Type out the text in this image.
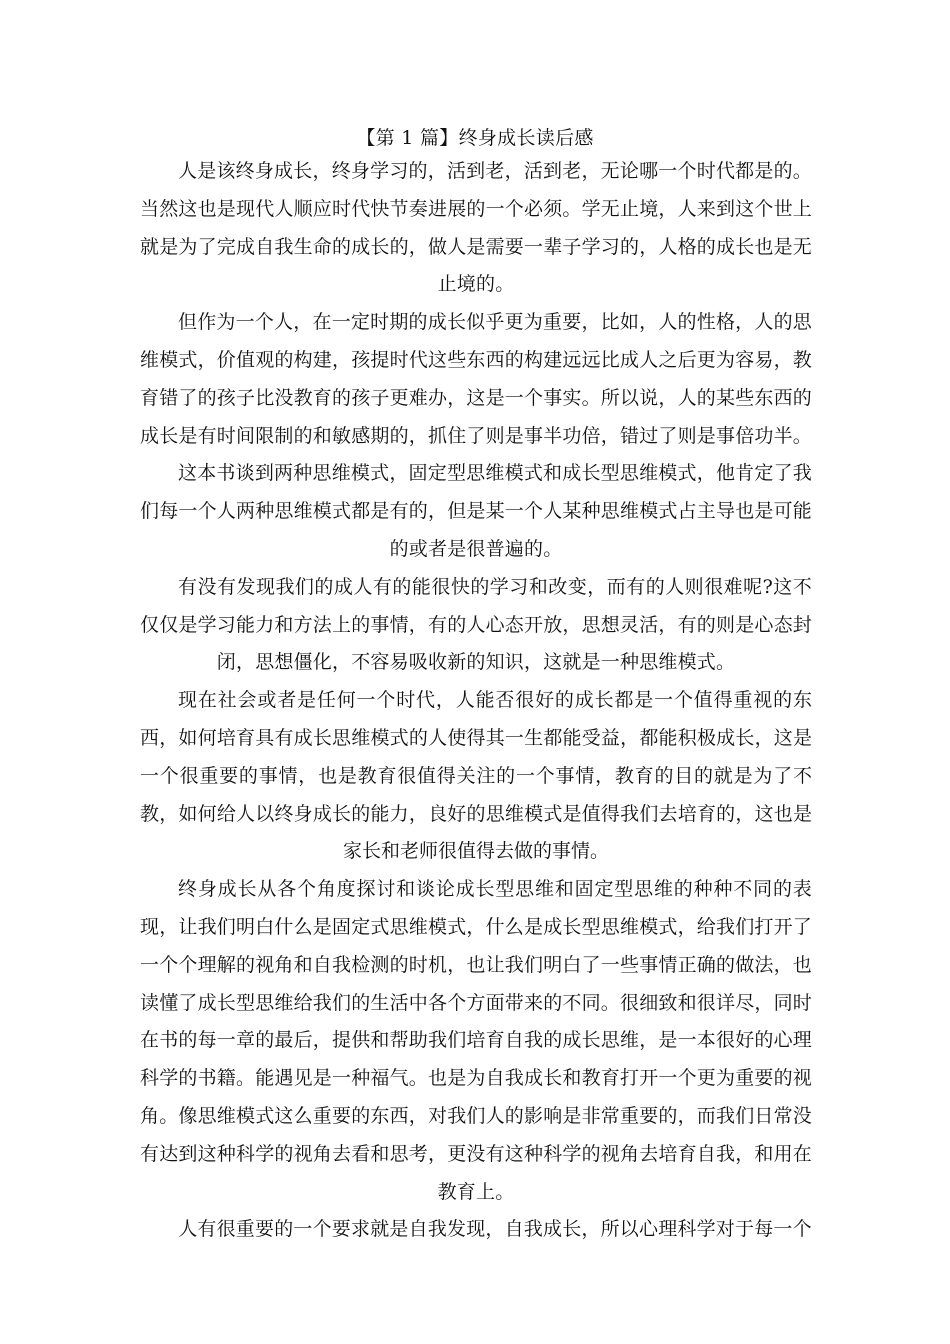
【第 1 篇】终身成长读后感

人是该终身成长，终身学习的，活到老，活到老，无论哪一个时代都是的。当然这也是现代人顺应时代快节奏进展的一个必须。学无止境，人来到这个世上就是为了完成自我生命的成长的，做人是需要一辈子学习的，人格的成长也是无止境的。

但作为一个人，在一定时期的成长似乎更为重要，比如，人的性格，人的思维模式，价值观的构建，孩提时代这些东西的构建远远比成人之后更为容易，教育错了的孩子比没教育的孩子更难办，这是一个事实。所以说，人的某些东西的成长是有时间限制的和敏感期的，抓住了则是事半功倍，错过了则是事倍功半。

这本书谈到两种思维模式，固定型思维模式和成长型思维模式，他肯定了我们每一个人两种思维模式都是有的，但是某一个人某种思维模式占主导也是可能的或者是很普遍的。

有没有发现我们的成人有的能很快的学习和改变，而有的人则很难呢?这不仅仅是学习能力和方法上的事情，有的人心态开放，思想灵活，有的则是心态封闭，思想僵化，不容易吸收新的知识，这就是一种思维模式。

现在社会或者是任何一个时代，人能否很好的成长都是一个值得重视的东西，如何培育具有成长思维模式的人使得其一生都能受益，都能积极成长，这是一个很重要的事情，也是教育很值得关注的一个事情，教育的目的就是为了不教，如何给人以终身成长的能力，良好的思维模式是值得我们去培育的，这也是家长和老师很值得去做的事情。

终身成长从各个角度探讨和谈论成长型思维和固定型思维的种种不同的表现，让我们明白什么是固定式思维模式，什么是成长型思维模式，给我们打开了一个个理解的视角和自我检测的时机，也让我们明白了一些事情正确的做法，也读懂了成长型思维给我们的生活中各个方面带来的不同。很细致和很详尽，同时在书的每一章的最后，提供和帮助我们培育自我的成长思维，是一本很好的心理科学的书籍。能遇见是一种福气。也是为自我成长和教育打开一个更为重要的视角。像思维模式这么重要的东西，对我们人的影响是非常重要的，而我们日常没有达到这种科学的视角去看和思考，更没有这种科学的视角去培育自我，和用在教育上。

人有很重要的一个要求就是自我发现，自我成长，所以心理科学对于每一个
